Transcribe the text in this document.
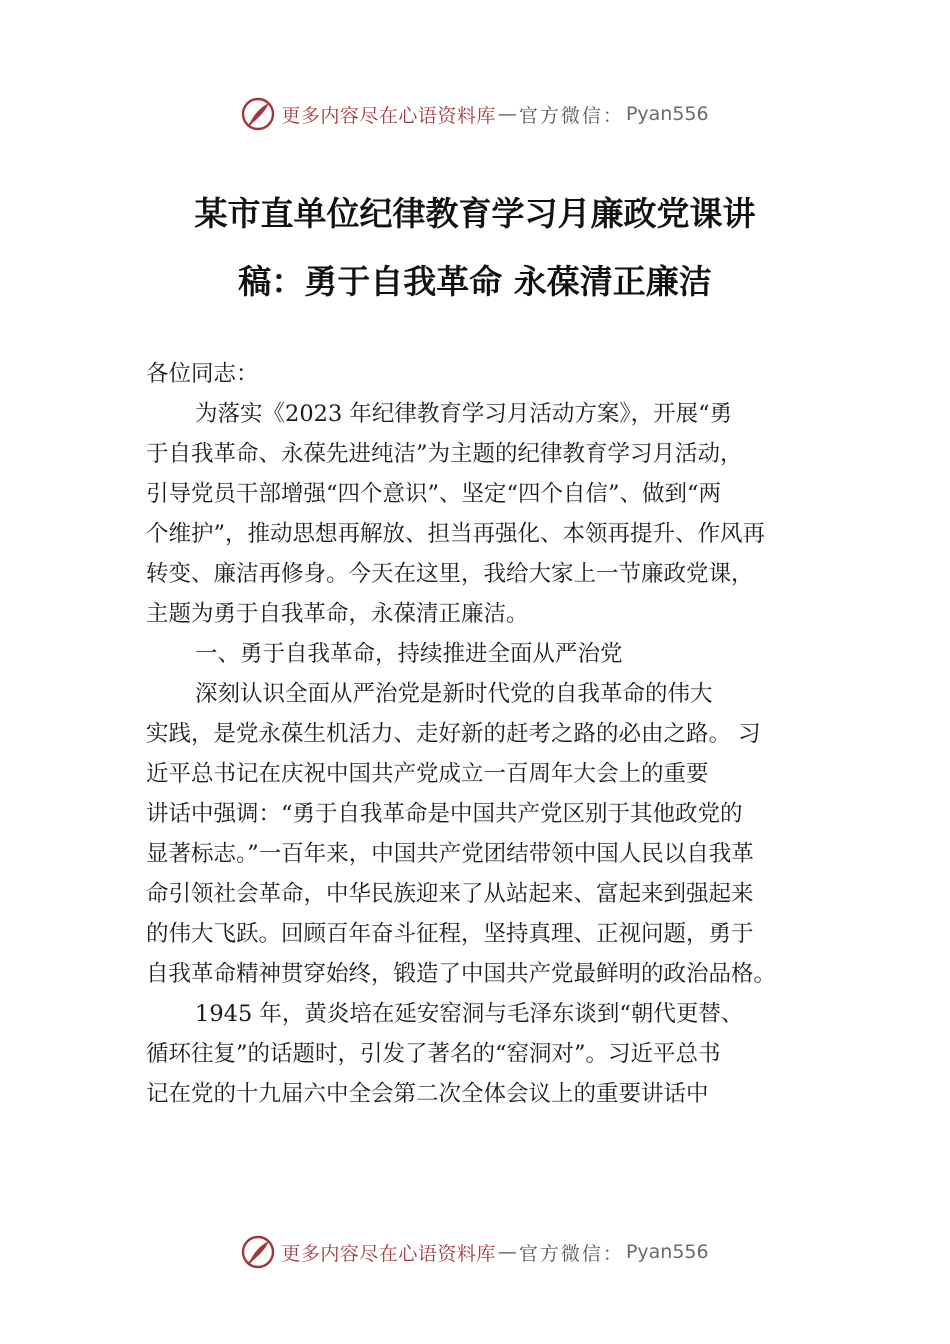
更多内容尽在心语资料库 — 官方微信： Pyan556
某市直单位纪律教育学习月廉政党课讲
稿：勇于自我革命 永葆清正廉洁
各位同志：
为落实《2023 年纪律教育学习月活动方案》，开展“勇
于自我革命、永葆先进纯洁”为主题的纪律教育学习月活动，
引导党员干部增强“四个意识”、坚定“四个自信”、做到“两
个维护”，推动思想再解放、担当再强化、本领再提升、作风再
转变、廉洁再修身。今天在这里，我给大家上一节廉政党课，
主题为勇于自我革命，永葆清正廉洁。
一、勇于自我革命，持续推进全面从严治党
深刻认识全面从严治党是新时代党的自我革命的伟大
实践，是党永葆生机活力、走好新的赶考之路的必由之路。 习
近平总书记在庆祝中国共产党成立一百周年大会上的重要
讲话中强调：“勇于自我革命是中国共产党区别于其他政党的
显著标志。”一百年来，中国共产党团结带领中国人民以自我革
命引领社会革命，中华民族迎来了从站起来、富起来到强起来
的伟大飞跃。回顾百年奋斗征程，坚持真理、正视问题，勇于
自我革命精神贯穿始终，锻造了中国共产党最鲜明的政治品格。
1945 年，黄炎培在延安窑洞与毛泽东谈到“朝代更替、
循环往复”的话题时，引发了著名的“窑洞对”。习近平总书
记在党的十九届六中全会第二次全体会议上的重要讲话中
更多内容尽在心语资料库 — 官方微信： Pyan556
